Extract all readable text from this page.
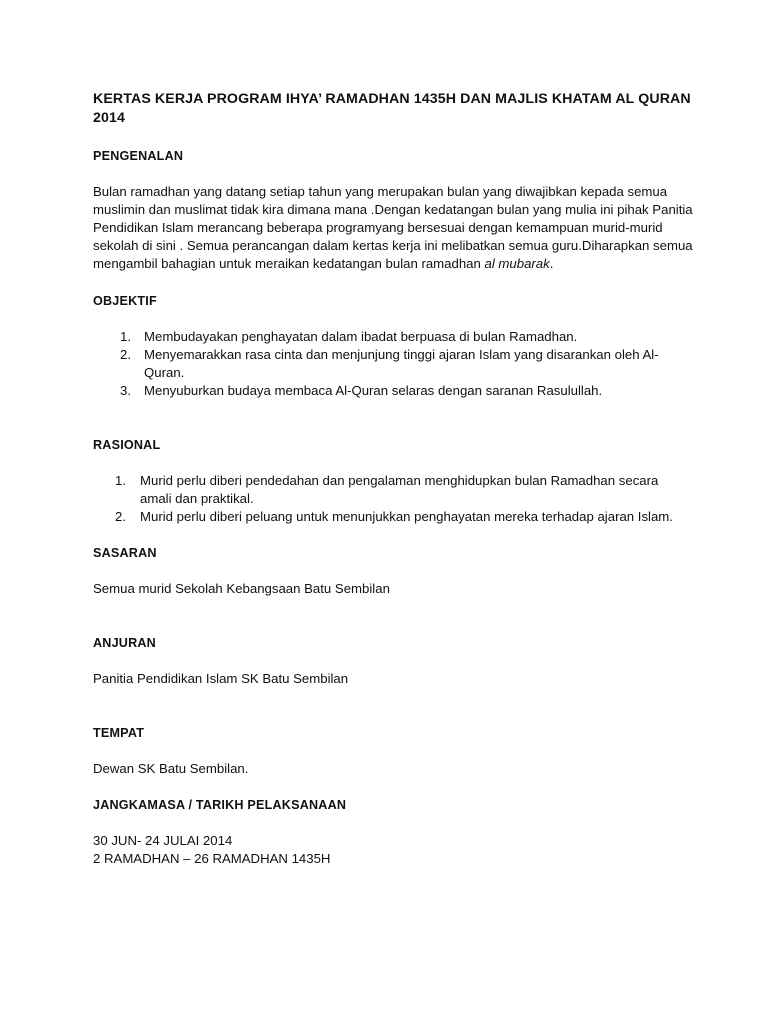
KERTAS KERJA PROGRAM IHYA’ RAMADHAN 1435H DAN MAJLIS KHATAM AL QURAN 2014

PENGENALAN

Bulan ramadhan yang datang setiap tahun yang merupakan bulan yang diwajibkan kepada semua muslimin dan muslimat tidak kira dimana mana .Dengan kedatangan bulan yang mulia ini pihak Panitia Pendidikan Islam merancang beberapa programyang bersesuai dengan kemampuan murid-murid sekolah di sini . Semua perancangan dalam kertas kerja ini melibatkan semua guru.Diharapkan semua mengambil bahagian untuk meraikan kedatangan bulan ramadhan al mubarak.

OBJEKTIF

1. Membudayakan penghayatan dalam ibadat berpuasa di bulan Ramadhan.
2. Menyemarakkan rasa cinta dan menjunjung tinggi ajaran Islam yang disarankan oleh Al-Quran.
3. Menyuburkan budaya membaca Al-Quran selaras dengan saranan Rasulullah.

RASIONAL

1. Murid perlu diberi pendedahan dan pengalaman menghidupkan bulan Ramadhan secara amali dan praktikal.
2. Murid perlu diberi peluang untuk menunjukkan penghayatan mereka terhadap ajaran Islam.

SASARAN

Semua murid Sekolah Kebangsaan Batu Sembilan

ANJURAN

Panitia Pendidikan Islam SK Batu Sembilan

TEMPAT

Dewan SK Batu Sembilan.

JANGKAMASA / TARIKH PELAKSANAAN

30 JUN- 24 JULAI 2014

2 RAMADHAN – 26 RAMADHAN 1435H
